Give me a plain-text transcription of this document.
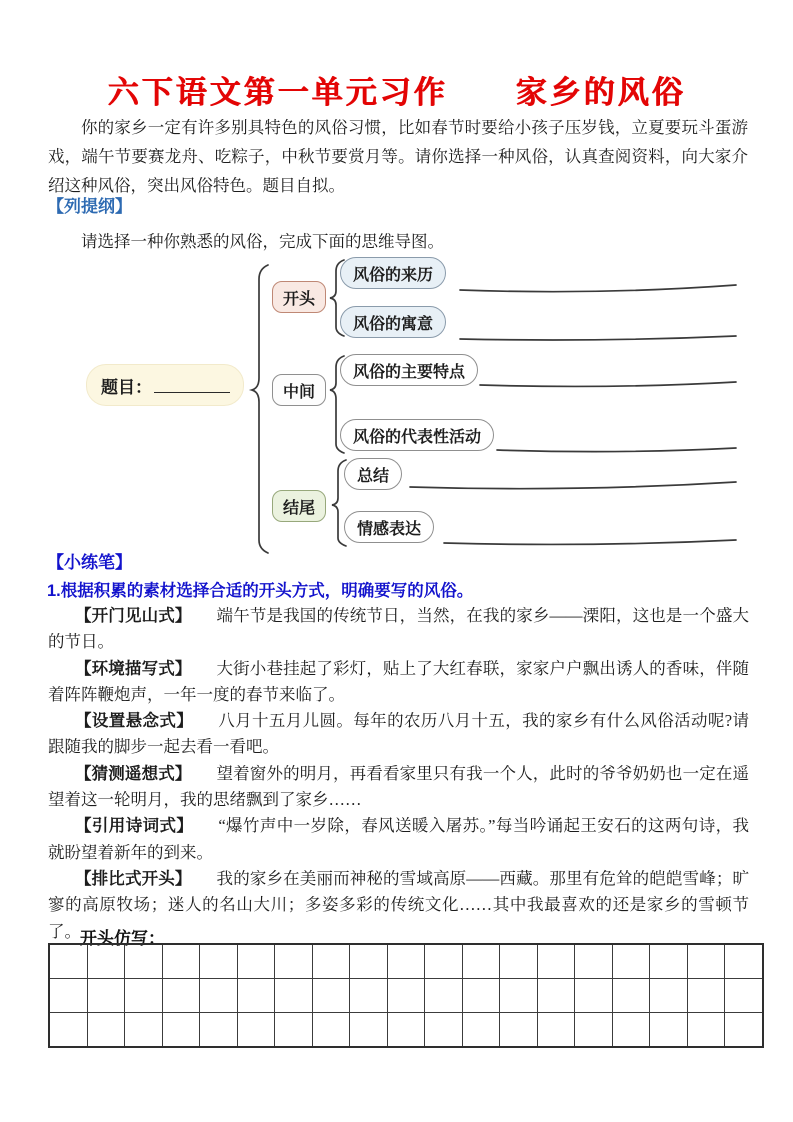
六下语文第一单元习作　　家乡的风俗

你的家乡一定有许多别具特色的风俗习惯，比如春节时要给小孩子压岁钱，立夏要玩斗蛋游戏，端午节要赛龙舟、吃粽子，中秋节要赏月等。请你选择一种风俗，认真查阅资料，向大家介绍这种风俗，突出风俗特色。题目自拟。

【列提纲】

请选择一种你熟悉的风俗，完成下面的思维导图。

题目：
开头
中间
结尾
风俗的来历
风俗的寓意
风俗的主要特点
风俗的代表性活动
总结
情感表达

【小练笔】

1.根据积累的素材选择合适的开头方式，明确要写的风俗。

【开门见山式】 端午节是我国的传统节日，当然，在我的家乡——溧阳，这也是一个盛大的节日。

【环境描写式】 大街小巷挂起了彩灯，贴上了大红春联，家家户户飘出诱人的香味，伴随着阵阵鞭炮声，一年一度的春节来临了。

【设置悬念式】 八月十五月儿圆。每年的农历八月十五，我的家乡有什么风俗活动呢?请跟随我的脚步一起去看一看吧。

【猜测遥想式】 望着窗外的明月，再看看家里只有我一个人，此时的爷爷奶奶也一定在遥望着这一轮明月，我的思绪飘到了家乡……

【引用诗词式】 “爆竹声中一岁除，春风送暖入屠苏。”每当吟诵起王安石的这两句诗，我就盼望着新年的到来。

【排比式开头】 我的家乡在美丽而神秘的雪域高原——西藏。那里有危耸的皑皑雪峰；旷寥的高原牧场；迷人的名山大川；多姿多彩的传统文化……其中我最喜欢的还是家乡的雪顿节了。 开头仿写：
